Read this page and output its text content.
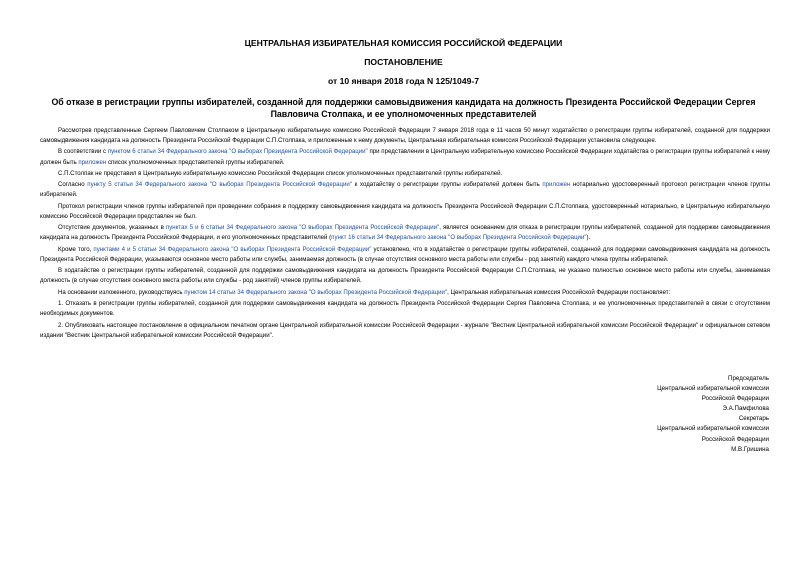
ЦЕНТРАЛЬНАЯ ИЗБИРАТЕЛЬНАЯ КОМИССИЯ РОССИЙСКОЙ ФЕДЕРАЦИИ
ПОСТАНОВЛЕНИЕ
от 10 января 2018 года N 125/1049-7
Об отказе в регистрации группы избирателей, созданной для поддержки самовыдвижения кандидата на должность Президента Российской Федерации Сергея Павловича Столпака, и ее уполномоченных представителей

Рассмотрев представленные Сергеем Павловичем Столпаком в Центральную избирательную комиссию Российской Федерации 7 января 2018 года в 11 часов 50 минут ходатайство о регистрации группы избирателей, созданной для поддержки самовыдвижения кандидата на должность Президента Российской Федерации С.П.Столпака, и приложенные к нему документы, Центральная избирательная комиссия Российской Федерации установила следующее.

В соответствии с пунктом 6 статьи 34 Федерального закона "О выборах Президента Российской Федерации" при представлении в Центральную избирательную комиссию Российской Федерации ходатайства о регистрации группы избирателей к нему должен быть приложен список уполномоченных представителей группы избирателей.

С.П.Столпак не представил в Центральную избирательную комиссию Российской Федерации список уполномоченных представителей группы избирателей.

Согласно пункту 5 статьи 34 Федерального закона "О выборах Президента Российской Федерации" к ходатайству о регистрации группы избирателей должен быть приложен нотариально удостоверенный протокол регистрации членов группы избирателей.

Протокол регистрации членов группы избирателей при проведении собрания в поддержку самовыдвижения кандидата на должность Президента Российской Федерации С.П.Столпака, удостоверенный нотариально, в Центральную избирательную комиссию Российской Федерации представлен не был.

Отсутствие документов, указанных в пунктах 5 и 6 статьи 34 Федерального закона "О выборах Президента Российской Федерации", является основанием для отказа в регистрации группы избирателей, созданной для поддержки самовыдвижения кандидата на должность Президента Российской Федерации, и его уполномоченных представителей (пункт 16 статьи 34 Федерального закона "О выборах Президента Российской Федерации").

Кроме того, пунктами 4 и 5 статьи 34 Федерального закона "О выборах Президента Российской Федерации" установлено, что в ходатайстве о регистрации группы избирателей, созданной для поддержки самовыдвижения кандидата на должность Президента Российской Федерации, указываются основное место работы или службы, занимаемая должность (в случае отсутствия основного места работы или службы - род занятий) каждого члена группы избирателей.

В ходатайстве о регистрации группы избирателей, созданной для поддержки самовыдвижения кандидата на должность Президента Российской Федерации С.П.Столпака, не указано полностью основное место работы или службы, занимаемая должность (в случае отсутствия основного места работы или службы - род занятий) членов группы избирателей.

На основании изложенного, руководствуясь пунктом 14 статьи 34 Федерального закона "О выборах Президента Российской Федерации", Центральная избирательная комиссия Российской Федерации постановляет:

1. Отказать в регистрации группы избирателей, созданной для поддержки самовыдвижения кандидата на должность Президента Российской Федерации Сергея Павловича Столпака, и ее уполномоченных представителей в связи с отсутствием необходимых документов.

2. Опубликовать настоящее постановление в официальном печатном органе Центральной избирательной комиссии Российской Федерации - журнале "Вестник Центральной избирательной комиссии Российской Федерации" и официальном сетевом издании "Вестник Центральной избирательной комиссии Российской Федерации".

Председатель
Центральной избирательной комиссии
Российской Федерации
Э.А.Памфилова
Секретарь
Центральной избирательной комиссии
Российской Федерации
М.В.Гришина
